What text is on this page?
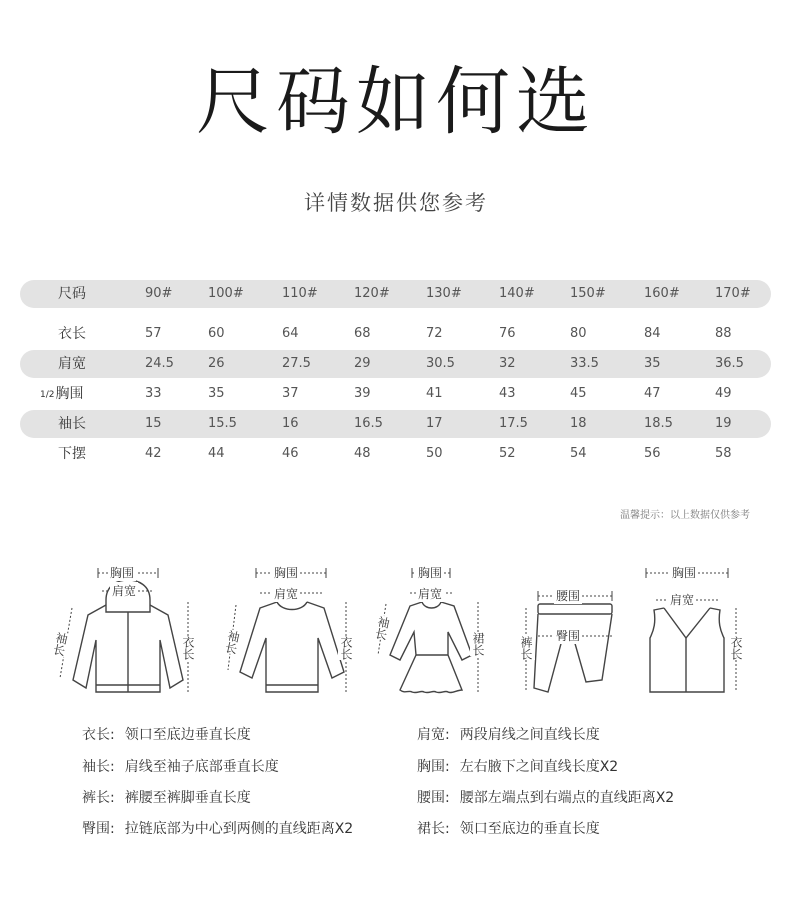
尺码如何选
详情数据供您参考
尺码	90#	100#	110#	120#	130#	140#	150#	160#	170#
衣长	57	60	64	68	72	76	80	84	88
肩宽	24.5	26	27.5	29	30.5	32	33.5	35	36.5
1/2胸围	33	35	37	39	41	43	45	47	49
袖长	15	15.5	16	16.5	17	17.5	18	18.5	19
下摆	42	44	46	48	50	52	54	56	58
温馨提示：以上数据仅供参考
胸围
肩宽
袖长	衣长
胸围
肩宽
袖长	衣长
胸围
肩宽
袖长
裙长
腰围
臀围
裤长
胸围
肩宽
衣长
衣长: 领口至底边垂直长度	肩宽: 两段肩线之间直线长度
袖长: 肩线至袖子底部垂直长度	胸围: 左右腋下之间直线长度X2
裤长: 裤腰至裤脚垂直长度	腰围: 腰部左端点到右端点的直线距离X2
臀围: 拉链底部为中心到两侧的直线距离X2	裙长: 领口至底边的垂直长度
